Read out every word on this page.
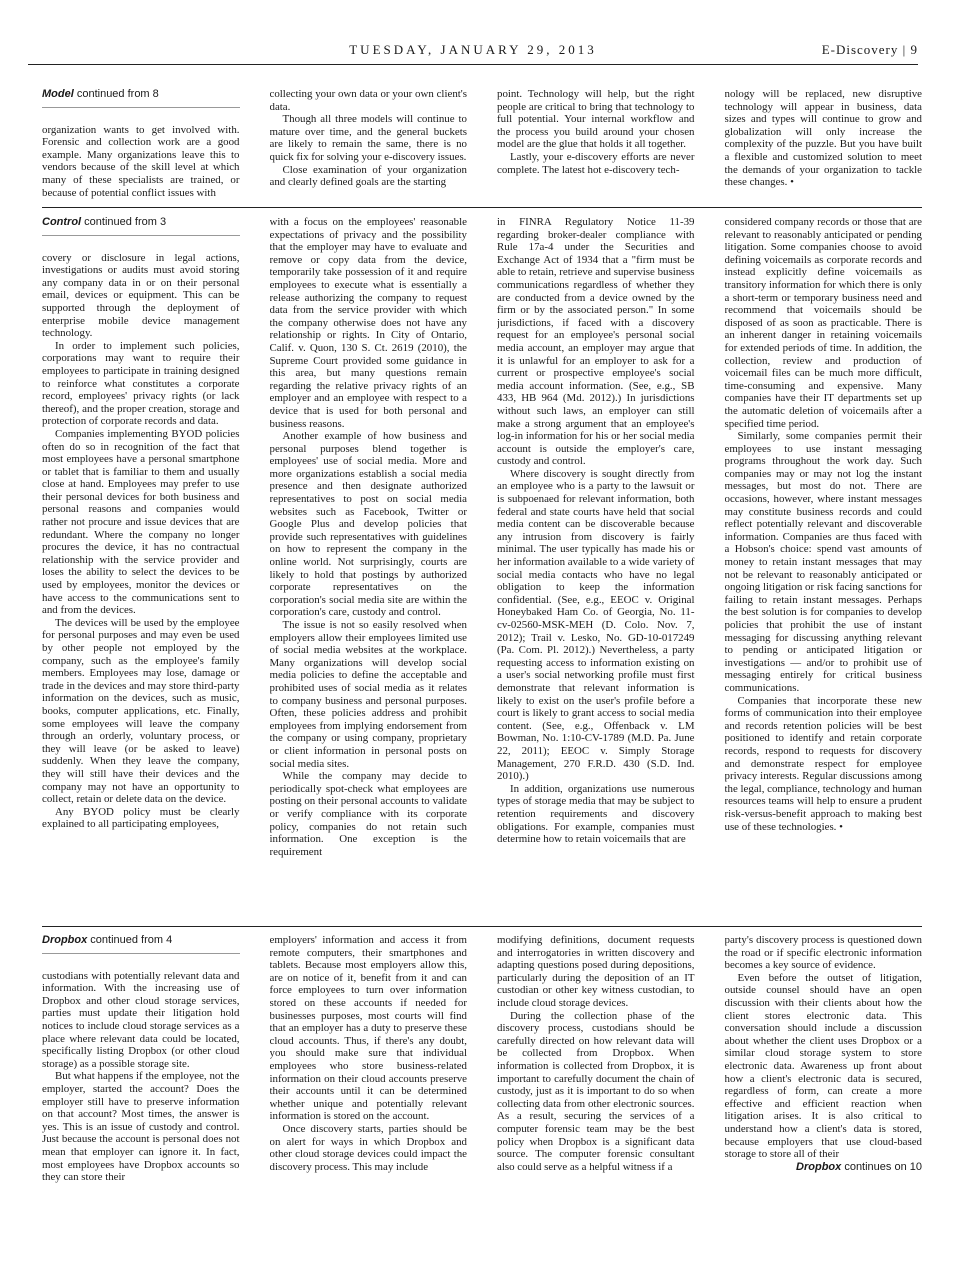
TUESDAY, JANUARY 29, 2013	E-Discovery | 9
Model continued from 8

organization wants to get involved with. Forensic and collection work are a good example. Many organizations leave this to vendors because of the skill level at which many of these specialists are trained, or because of potential conflict issues with

collecting your own data or your own client's data.

Though all three models will continue to mature over time, and the general buckets are likely to remain the same, there is no quick fix for solving your e-discovery issues.

Close examination of your organization and clearly defined goals are the starting

point. Technology will help, but the right people are critical to bring that technology to full potential. Your internal workflow and the process you build around your chosen model are the glue that holds it all together.

Lastly, your e-discovery efforts are never complete. The latest hot e-discovery tech-

nology will be replaced, new disruptive technology will appear in business, data sizes and types will continue to grow and globalization will only increase the complexity of the puzzle. But you have built a flexible and customized solution to meet the demands of your organization to tackle these changes. •

Control continued from 3

covery or disclosure in legal actions, investigations or audits must avoid storing any company data in or on their personal email, devices or equipment. This can be supported through the deployment of enterprise mobile device management technology.

In order to implement such policies, corporations may want to require their employees to participate in training designed to reinforce what constitutes a corporate record, employees' privacy rights (or lack thereof), and the proper creation, storage and protection of corporate records and data.

Companies implementing BYOD policies often do so in recognition of the fact that most employees have a personal smartphone or tablet that is familiar to them and usually close at hand. Employees may prefer to use their personal devices for both business and personal reasons and companies would rather not procure and issue devices that are redundant. Where the company no longer procures the device, it has no contractual relationship with the service provider and loses the ability to select the devices to be used by employees, monitor the devices or have access to the communications sent to and from the devices.

The devices will be used by the employee for personal purposes and may even be used by other people not employed by the company, such as the employee's family members. Employees may lose, damage or trade in the devices and may store third-party information on the devices, such as music, books, computer applications, etc. Finally, some employees will leave the company through an orderly, voluntary process, or they will leave (or be asked to leave) suddenly. When they leave the company, they will still have their devices and the company may not have an opportunity to collect, retain or delete data on the device.

Any BYOD policy must be clearly explained to all participating employees,

with a focus on the employees' reasonable expectations of privacy and the possibility that the employer may have to evaluate and remove or copy data from the device, temporarily take possession of it and require employees to execute what is essentially a release authorizing the company to request data from the service provider with which the company otherwise does not have any relationship or rights. In City of Ontario, Calif. v. Quon, 130 S. Ct. 2619 (2010), the Supreme Court provided some guidance in this area, but many questions remain regarding the relative privacy rights of an employer and an employee with respect to a device that is used for both personal and business reasons.

Another example of how business and personal purposes blend together is employees' use of social media. More and more organizations establish a social media presence and then designate authorized representatives to post on social media websites such as Facebook, Twitter or Google Plus and develop policies that provide such representatives with guidelines on how to represent the company in the online world. Not surprisingly, courts are likely to hold that postings by authorized corporate representatives on the corporation's social media site are within the corporation's care, custody and control.

The issue is not so easily resolved when employers allow their employees limited use of social media websites at the workplace. Many organizations will develop social media policies to define the acceptable and prohibited uses of social media as it relates to company business and personal purposes. Often, these policies address and prohibit employees from implying endorsement from the company or using company, proprietary or client information in personal posts on social media sites.

While the company may decide to periodically spot-check what employees are posting on their personal accounts to validate or verify compliance with its corporate policy, companies do not retain such information. One exception is the requirement

in FINRA Regulatory Notice 11-39 regarding broker-dealer compliance with Rule 17a-4 under the Securities and Exchange Act of 1934 that a "firm must be able to retain, retrieve and supervise business communications regardless of whether they are conducted from a device owned by the firm or by the associated person." In some jurisdictions, if faced with a discovery request for an employee's personal social media account, an employer may argue that it is unlawful for an employer to ask for a current or prospective employee's social media account information. (See, e.g., SB 433, HB 964 (Md. 2012).) In jurisdictions without such laws, an employer can still make a strong argument that an employee's log-in information for his or her social media account is outside the employer's care, custody and control.

Where discovery is sought directly from an employee who is a party to the lawsuit or is subpoenaed for relevant information, both federal and state courts have held that social media content can be discoverable because any intrusion from discovery is fairly minimal. The user typically has made his or her information available to a wide variety of social media contacts who have no legal obligation to keep the information confidential. (See, e.g., EEOC v. Original Honeybaked Ham Co. of Georgia, No. 11-cv-02560-MSK-MEH (D. Colo. Nov. 7, 2012); Trail v. Lesko, No. GD-10-017249 (Pa. Com. Pl. 2012).) Nevertheless, a party requesting access to information existing on a user's social networking profile must first demonstrate that relevant information is likely to exist on the user's profile before a court is likely to grant access to social media content. (See, e.g., Offenback v. LM Bowman, No. 1:10-CV-1789 (M.D. Pa. June 22, 2011); EEOC v. Simply Storage Management, 270 F.R.D. 430 (S.D. Ind. 2010).)

In addition, organizations use numerous types of storage media that may be subject to retention requirements and discovery obligations. For example, companies must determine how to retain voicemails that are

considered company records or those that are relevant to reasonably anticipated or pending litigation. Some companies choose to avoid defining voicemails as corporate records and instead explicitly define voicemails as transitory information for which there is only a short-term or temporary business need and recommend that voicemails should be disposed of as soon as practicable. There is an inherent danger in retaining voicemails for extended periods of time. In addition, the collection, review and production of voicemail files can be much more difficult, time-consuming and expensive. Many companies have their IT departments set up the automatic deletion of voicemails after a specified time period.

Similarly, some companies permit their employees to use instant messaging programs throughout the work day. Such companies may or may not log the instant messages, but most do not. There are occasions, however, where instant messages may constitute business records and could reflect potentially relevant and discoverable information. Companies are thus faced with a Hobson's choice: spend vast amounts of money to retain instant messages that may not be relevant to reasonably anticipated or ongoing litigation or risk facing sanctions for failing to retain instant messages. Perhaps the best solution is for companies to develop policies that prohibit the use of instant messaging for discussing anything relevant to pending or anticipated litigation or investigations — and/or to prohibit use of messaging entirely for critical business communications.

Companies that incorporate these new forms of communication into their employee and records retention policies will be best positioned to identify and retain corporate records, respond to requests for discovery and demonstrate respect for employee privacy interests. Regular discussions among the legal, compliance, technology and human resources teams will help to ensure a prudent risk-versus-benefit approach to making best use of these technologies. •

Dropbox continued from 4

custodians with potentially relevant data and information. With the increasing use of Dropbox and other cloud storage services, parties must update their litigation hold notices to include cloud storage services as a place where relevant data could be located, specifically listing Dropbox (or other cloud storage) as a possible storage site.

But what happens if the employee, not the employer, started the account? Does the employer still have to preserve information on that account? Most times, the answer is yes. This is an issue of custody and control. Just because the account is personal does not mean that employer can ignore it. In fact, most employees have Dropbox accounts so they can store their

employers' information and access it from remote computers, their smartphones and tablets. Because most employers allow this, are on notice of it, benefit from it and can force employees to turn over information stored on these accounts if needed for businesses purposes, most courts will find that an employer has a duty to preserve these cloud accounts. Thus, if there's any doubt, you should make sure that individual employees who store business-related information on their cloud accounts preserve their accounts until it can be determined whether unique and potentially relevant information is stored on the account.

Once discovery starts, parties should be on alert for ways in which Dropbox and other cloud storage devices could impact the discovery process. This may include

modifying definitions, document requests and interrogatories in written discovery and adapting questions posed during depositions, particularly during the deposition of an IT custodian or other key witness custodian, to include cloud storage devices.

During the collection phase of the discovery process, custodians should be carefully directed on how relevant data will be collected from Dropbox. When information is collected from Dropbox, it is important to carefully document the chain of custody, just as it is important to do so when collecting data from other electronic sources. As a result, securing the services of a computer forensic team may be the best policy when Dropbox is a significant data source. The computer forensic consultant also could serve as a helpful witness if a

party's discovery process is questioned down the road or if specific electronic information becomes a key source of evidence.

Even before the outset of litigation, outside counsel should have an open discussion with their clients about how the client stores electronic data. This conversation should include a discussion about whether the client uses Dropbox or a similar cloud storage system to store electronic data. Awareness up front about how a client's electronic data is secured, regardless of form, can create a more effective and efficient reaction when litigation arises. It is also critical to understand how a client's data is stored, because employers that use cloud-based storage to store all of their

Dropbox continues on 10
